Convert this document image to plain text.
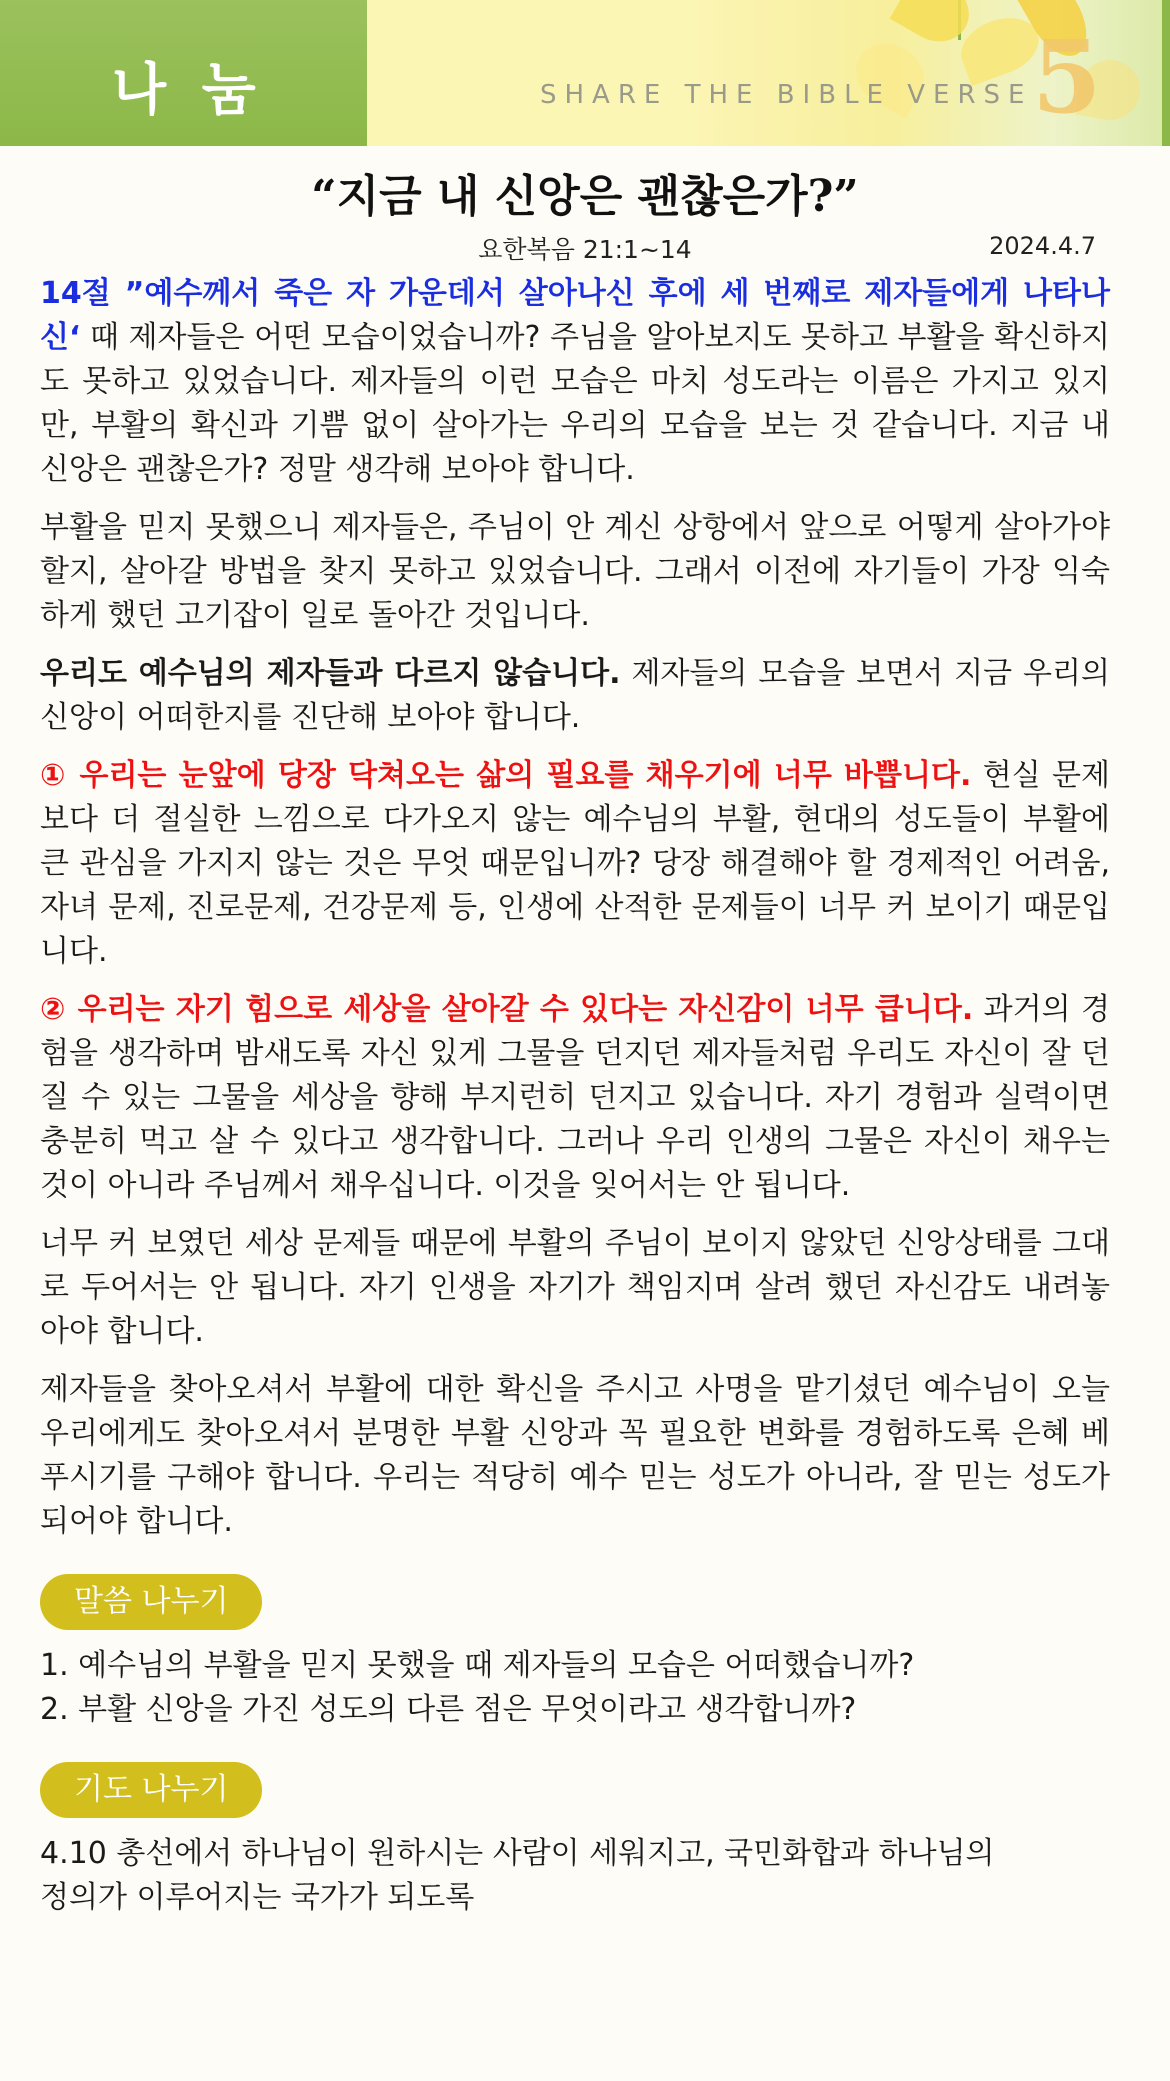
나 눔	SHARE THE BIBLE VERSE 5
“지금 내 신앙은 괜찮은가?”
요한복음 21:1~14	2024.4.7

14절 ”예수께서 죽은 자 가운데서 살아나신 후에 세 번째로 제자들에게 나타나신‘ 때 제자들은 어떤 모습이었습니까? 주님을 알아보지도 못하고 부활을 확신하지도 못하고 있었습니다. 제자들의 이런 모습은 마치 성도라는 이름은 가지고 있지만, 부활의 확신과 기쁨 없이 살아가는 우리의 모습을 보는 것 같습니다. 지금 내 신앙은 괜찮은가? 정말 생각해 보아야 합니다.

부활을 믿지 못했으니 제자들은, 주님이 안 계신 상항에서 앞으로 어떻게 살아가야 할지, 살아갈 방법을 찾지 못하고 있었습니다. 그래서 이전에 자기들이 가장 익숙하게 했던 고기잡이 일로 돌아간 것입니다.

우리도 예수님의 제자들과 다르지 않습니다. 제자들의 모습을 보면서 지금 우리의 신앙이 어떠한지를 진단해 보아야 합니다.

① 우리는 눈앞에 당장 닥쳐오는 삶의 필요를 채우기에 너무 바쁩니다. 현실 문제보다 더 절실한 느낌으로 다가오지 않는 예수님의 부활, 현대의 성도들이 부활에 큰 관심을 가지지 않는 것은 무엇 때문입니까? 당장 해결해야 할 경제적인 어려움, 자녀 문제, 진로문제, 건강문제 등, 인생에 산적한 문제들이 너무 커 보이기 때문입니다.

② 우리는 자기 힘으로 세상을 살아갈 수 있다는 자신감이 너무 큽니다. 과거의 경험을 생각하며 밤새도록 자신 있게 그물을 던지던 제자들처럼 우리도 자신이 잘 던질 수 있는 그물을 세상을 향해 부지런히 던지고 있습니다. 자기 경험과 실력이면 충분히 먹고 살 수 있다고 생각합니다. 그러나 우리 인생의 그물은 자신이 채우는 것이 아니라 주님께서 채우십니다. 이것을 잊어서는 안 됩니다.

너무 커 보였던 세상 문제들 때문에 부활의 주님이 보이지 않았던 신앙상태를 그대로 두어서는 안 됩니다. 자기 인생을 자기가 책임지며 살려 했던 자신감도 내려놓아야 합니다.

제자들을 찾아오셔서 부활에 대한 확신을 주시고 사명을 맡기셨던 예수님이 오늘 우리에게도 찾아오셔서 분명한 부활 신앙과 꼭 필요한 변화를 경험하도록 은혜 베푸시기를 구해야 합니다. 우리는 적당히 예수 믿는 성도가 아니라, 잘 믿는 성도가 되어야 합니다.

말씀 나누기
1. 예수님의 부활을 믿지 못했을 때 제자들의 모습은 어떠했습니까?
2. 부활 신앙을 가진 성도의 다른 점은 무엇이라고 생각합니까?
기도 나누기

4.10 총선에서 하나님이 원하시는 사람이 세워지고, 국민화합과 하나님의

정의가 이루어지는 국가가 되도록
